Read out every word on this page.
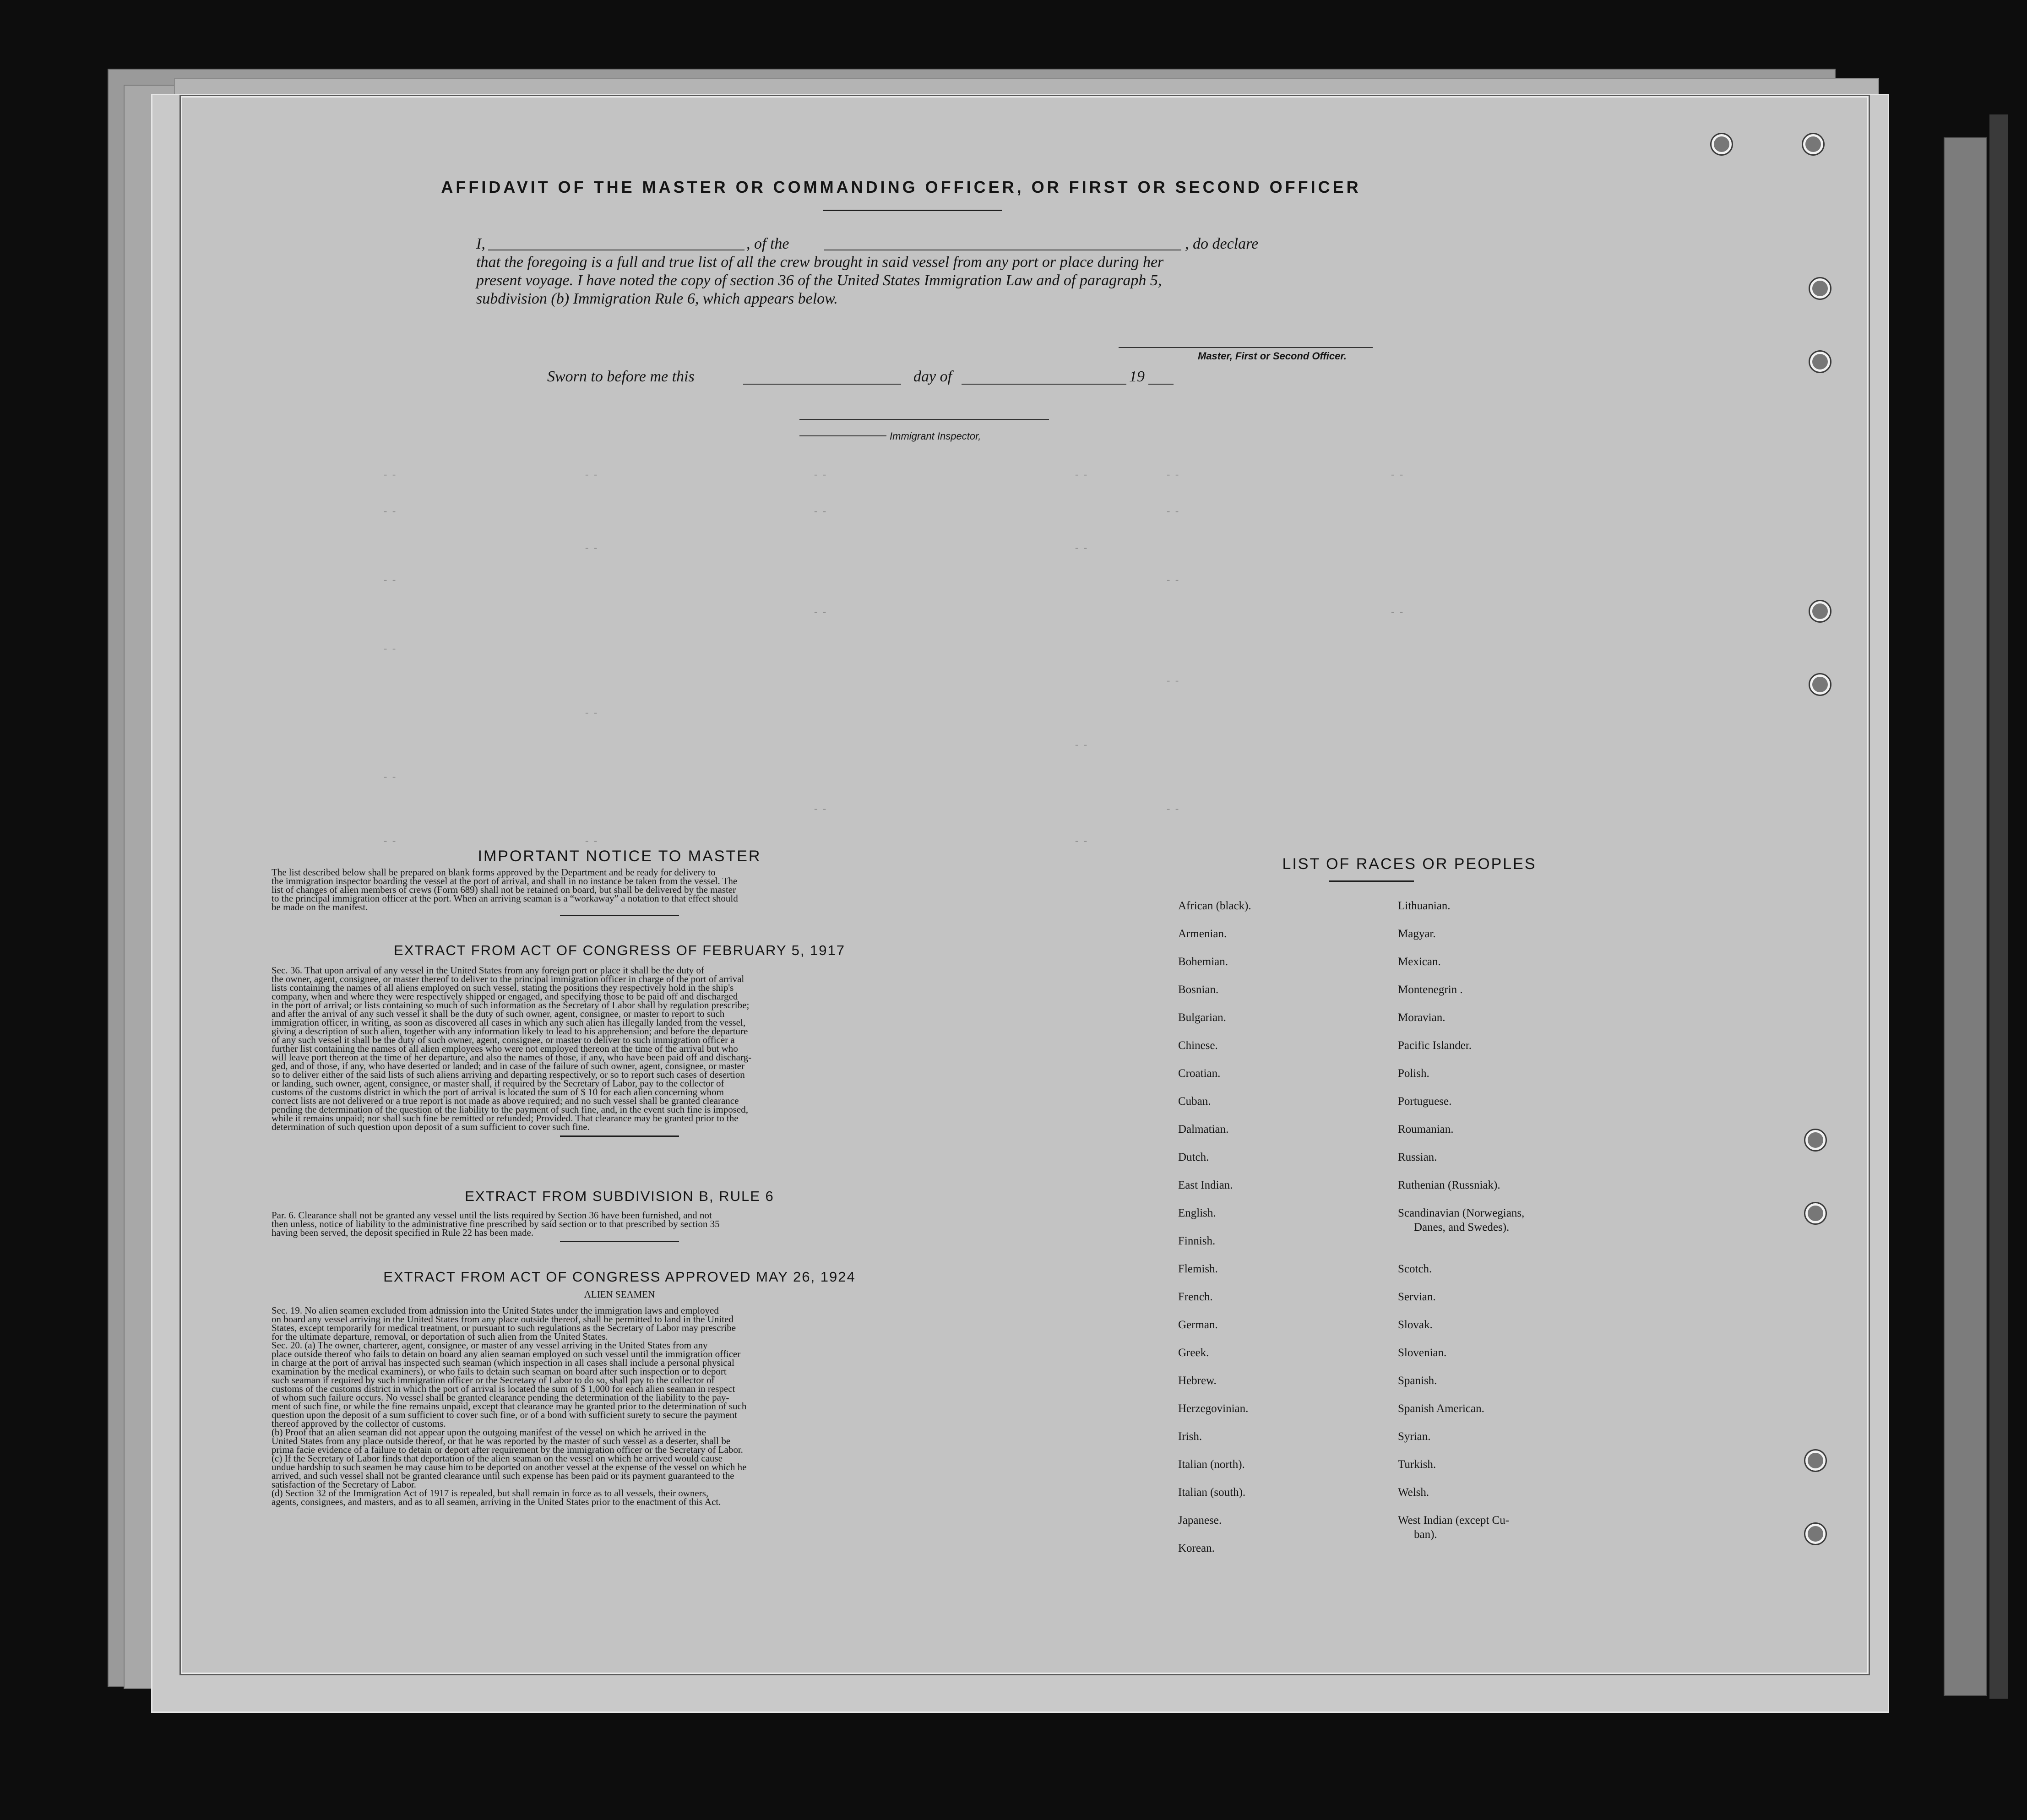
- -	- -	- -	- -	- -	- -
- -	- -	- -
- -	- -
- -	- -
- -	- -
- -
- -
- -
- -
- -
- -	- -
- -	- -	- -
AFFIDAVIT OF THE MASTER OR COMMANDING OFFICER, OR FIRST OR SECOND OFFICER
I,	, of the	, do declare
that the foregoing is a full and true list of all the crew brought in said vessel from any port or place during her
present voyage. I have noted the copy of section 36 of the United States Immigration Law and of paragraph 5,
subdivision (b) Immigration Rule 6, which appears below.
Master, First or Second Officer.
Sworn to before me this	day of	19
Immigrant Inspector,
IMPORTANT NOTICE TO MASTER
The list described below shall be prepared on blank forms approved by the Department and be ready for delivery to
the immigration inspector boarding the vessel at the port of arrival, and shall in no instance be taken from the vessel. The
list of changes of alien members of crews (Form 689) shall not be retained on board, but shall be delivered by the master
to the principal immigration officer at the port. When an arriving seaman is a “workaway” a notation to that effect should
be made on the manifest.
EXTRACT FROM ACT OF CONGRESS OF FEBRUARY 5, 1917
Sec. 36. That upon arrival of any vessel in the United States from any foreign port or place it shall be the duty of
the owner, agent, consignee, or master thereof to deliver to the principal immigration officer in charge of the port of arrival
lists containing the names of all aliens employed on such vessel, stating the positions they respectively hold in the ship's
company, when and where they were respectively shipped or engaged, and specifying those to be paid off and discharged
in the port of arrival; or lists containing so much of such information as the Secretary of Labor shall by regulation prescribe;
and after the arrival of any such vessel it shall be the duty of such owner, agent, consignee, or master to report to such
immigration officer, in writing, as soon as discovered all cases in which any such alien has illegally landed from the vessel,
giving a description of such alien, together with any information likely to lead to his apprehension; and before the departure
of any such vessel it shall be the duty of such owner, agent, consignee, or master to deliver to such immigration officer a
further list containing the names of all alien employees who were not employed thereon at the time of the arrival but who
will leave port thereon at the time of her departure, and also the names of those, if any, who have been paid off and discharg-
ged, and of those, if any, who have deserted or landed; and in case of the failure of such owner, agent, consignee, or master
so to deliver either of the said lists of such aliens arriving and departing respectively, or so to report such cases of desertion
or landing, such owner, agent, consignee, or master shall, if required by the Secretary of Labor, pay to the collector of
customs of the customs district in which the port of arrival is located the sum of $ 10 for each alien concerning whom
correct lists are not delivered or a true report is not made as above required; and no such vessel shall be granted clearance
pending the determination of the question of the liability to the payment of such fine, and, in the event such fine is imposed,
while it remains unpaid; nor shall such fine be remitted or refunded; Provided. That clearance may be granted prior to the
determination of such question upon deposit of a sum sufficient to cover such fine.
EXTRACT FROM SUBDIVISION B, RULE 6
Par. 6. Clearance shall not be granted any vessel until the lists required by Section 36 have been furnished, and not
then unless, notice of liability to the administrative fine prescribed by said section or to that prescribed by section 35
having been served, the deposit specified in Rule 22 has been made.
EXTRACT FROM ACT OF CONGRESS APPROVED MAY 26, 1924
ALIEN SEAMEN
Sec. 19. No alien seamen excluded from admission into the United States under the immigration laws and employed
on board any vessel arriving in the United States from any place outside thereof, shall be permitted to land in the United
States, except temporarily for medical treatment, or pursuant to such regulations as the Secretary of Labor may prescribe
for the ultimate departure, removal, or deportation of such alien from the United States.
Sec. 20. (a) The owner, charterer, agent, consignee, or master of any vessel arriving in the United States from any
place outside thereof who fails to detain on board any alien seaman employed on such vessel until the immigration officer
in charge at the port of arrival has inspected such seaman (which inspection in all cases shall include a personal physical
examination by the medical examiners), or who fails to detain such seaman on board after such inspection or to deport
such seaman if required by such immigration officer or the Secretary of Labor to do so, shall pay to the collector of
customs of the customs district in which the port of arrival is located the sum of $ 1,000 for each alien seaman in respect
of whom such failure occurs. No vessel shall be granted clearance pending the determination of the liability to the pay-
ment of such fine, or while the fine remains unpaid, except that clearance may be granted prior to the determination of such
question upon the deposit of a sum sufficient to cover such fine, or of a bond with sufficient surety to secure the payment
thereof approved by the collector of customs.
(b) Proof that an alien seaman did not appear upon the outgoing manifest of the vessel on which he arrived in the
United States from any place outside thereof, or that he was reported by the master of such vessel as a deserter, shall be
prima facie evidence of a failure to detain or deport after requirement by the immigration officer or the Secretary of Labor.
(c) If the Secretary of Labor finds that deportation of the alien seaman on the vessel on which he arrived would cause
undue hardship to such seamen he may cause him to be deported on another vessel at the expense of the vessel on which he
arrived, and such vessel shall not be granted clearance until such expense has been paid or its payment guaranteed to the
satisfaction of the Secretary of Labor.
(d) Section 32 of the Immigration Act of 1917 is repealed, but shall remain in force as to all vessels, their owners,
agents, consignees, and masters, and as to all seamen, arriving in the United States prior to the enactment of this Act.
LIST OF RACES OR PEOPLES
African (black).
Armenian.
Bohemian.
Bosnian.
Bulgarian.
Chinese.
Croatian.
Cuban.
Dalmatian.
Dutch.
East Indian.
English.
Finnish.
Flemish.
French.
German.
Greek.
Hebrew.
Herzegovinian.
Irish.
Italian (north).
Italian (south).
Japanese.
Korean.
Lithuanian.
Magyar.
Mexican.
Montenegrin .
Moravian.
Pacific Islander.
Polish.
Portuguese.
Roumanian.
Russian.
Ruthenian (Russniak).
Scandinavian (Norwegians,
Danes, and Swedes).
Scotch.
Servian.
Slovak.
Slovenian.
Spanish.
Spanish American.
Syrian.
Turkish.
Welsh.
West Indian (except Cu-
ban).
